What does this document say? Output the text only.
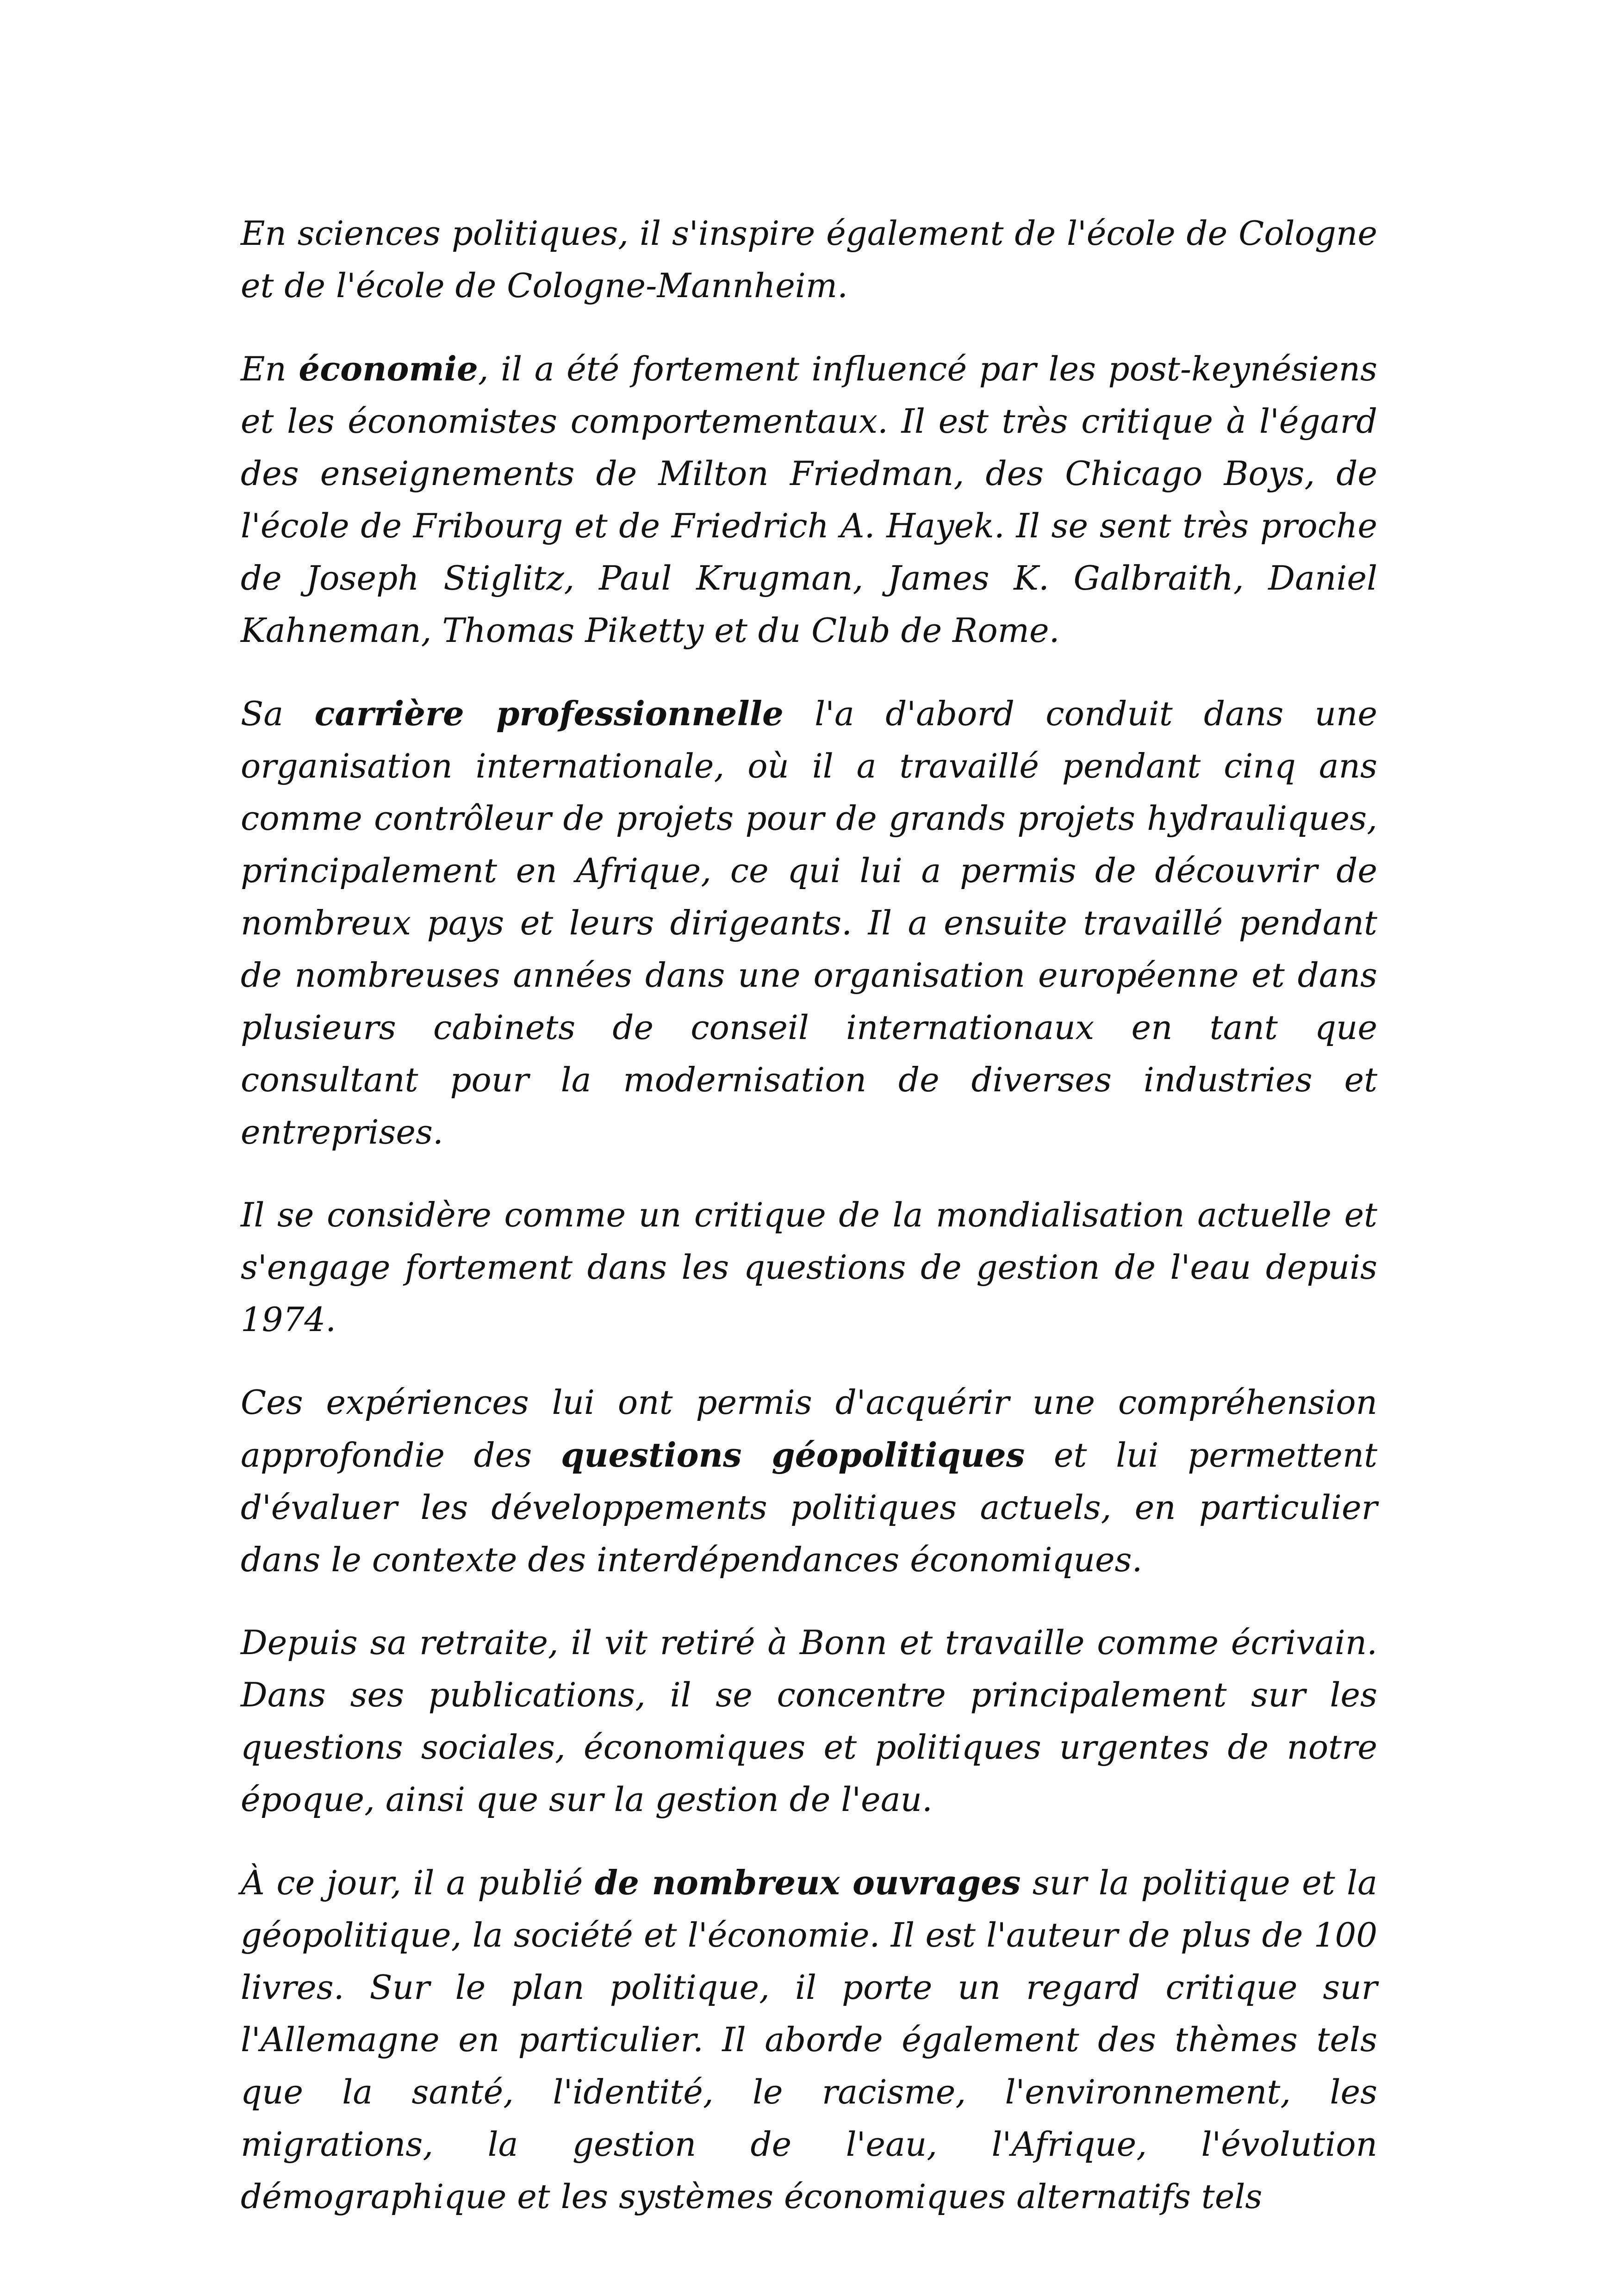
En sciences politiques, il s'inspire également de l'école de Cologne et de l'école de Cologne-Mannheim.

En économie, il a été fortement influencé par les post-keynésiens et les économistes comportementaux. Il est très critique à l'égard des enseignements de Milton Friedman, des Chicago Boys, de l'école de Fribourg et de Friedrich A. Hayek. Il se sent très proche de Joseph Stiglitz, Paul Krugman, James K. Galbraith, Daniel Kahneman, Thomas Piketty et du Club de Rome.

Sa carrière professionnelle l'a d'abord conduit dans une organisation internationale, où il a travaillé pendant cinq ans comme contrôleur de projets pour de grands projets hydrauliques, principalement en Afrique, ce qui lui a permis de découvrir de nombreux pays et leurs dirigeants. Il a ensuite travaillé pendant de nombreuses années dans une organisation européenne et dans plusieurs cabinets de conseil internationaux en tant que consultant pour la modernisation de diverses industries et entreprises.

Il se considère comme un critique de la mondialisation actuelle et s'engage fortement dans les questions de gestion de l'eau depuis 1974.

Ces expériences lui ont permis d'acquérir une compréhension approfondie des questions géopolitiques et lui permettent d'évaluer les développements politiques actuels, en particulier dans le contexte des interdépendances économiques.

Depuis sa retraite, il vit retiré à Bonn et travaille comme écrivain. Dans ses publications, il se concentre principalement sur les questions sociales, économiques et politiques urgentes de notre époque, ainsi que sur la gestion de l'eau.

À ce jour, il a publié de nombreux ouvrages sur la politique et la géopolitique, la société et l'économie. Il est l'auteur de plus de 100 livres. Sur le plan politique, il porte un regard critique sur l'Allemagne en particulier. Il aborde également des thèmes tels que la santé, l'identité, le racisme, l'environnement, les migrations, la gestion de l'eau, l'Afrique, l'évolution démographique et les systèmes économiques alternatifs tels
